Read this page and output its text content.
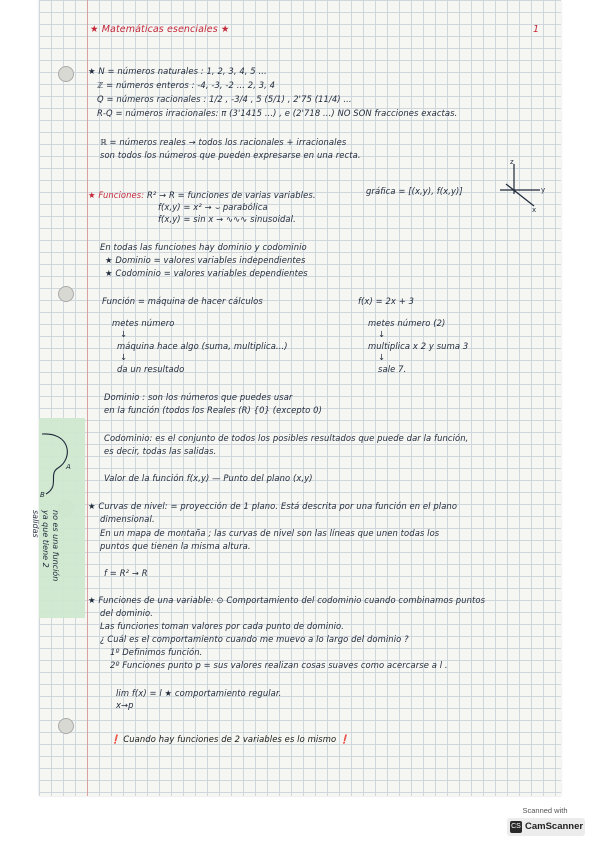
★ Matemáticas esenciales ★	1
★ N = números naturales : 1, 2, 3, 4, 5 ...
ℤ = números enteros : -4, -3, -2 ... 2, 3, 4
Q = números racionales : 1/2 , -3/4 , 5 (5/1) , 2'75 (11/4) ...
R-Q = números irracionales: π (3'1415 ...) , e (2'718 ...) NO SON fracciones exactas.
ℝ = números reales → todos los racionales + irracionales
son todos los números que pueden expresarse en una recta.
★ Funciones: R² → R = funciones de varias variables.	gráfica = [(x,y), f(x,y)]
f(x,y) = x² → ⌣ parabólica
f(x,y) = sin x → ∿∿∿ sinusoidal.
z
y
x
En todas las funciones hay dominio y codominio
★ Dominio = valores variables independientes
★ Codominio = valores variables dependientes
Función = máquina de hacer cálculos
metes número
↓
máquina hace algo (suma, multiplica...)
↓
da un resultado
f(x) = 2x + 3
metes número (2)
↓
multiplica x 2 y suma 3
↓
sale 7.
Dominio : son los números que puedes usar
en la función (todos los Reales (R) {0} (excepto 0)
Codominio: es el conjunto de todos los posibles resultados que puede dar la función,
es decir, todas las salidas.
Valor de la función f(x,y) — Punto del plano (x,y)
★ Curvas de nivel: = proyección de 1 plano. Está descrita por una función en el plano
dimensional.
En un mapa de montaña ; las curvas de nivel son las líneas que unen todas los
puntos que tienen la misma altura.
f = R² → R
★ Funciones de una variable: ⊙ Comportamiento del codominio cuando combinamos puntos
del dominio.
Las funciones toman valores por cada punto de dominio.
¿ Cuál es el comportamiento cuando me muevo a lo largo del dominio ?
1º Definimos función.
2º Funciones punto p = sus valores realizan cosas suaves como acercarse a l .
lim f(x) = l ★ comportamiento regular.
x→p
❗ Cuando hay funciones de 2 variables es lo mismo ❗
A
B
no es una función
ya que tiene 2
salidas
Scanned with
CS CamScanner
